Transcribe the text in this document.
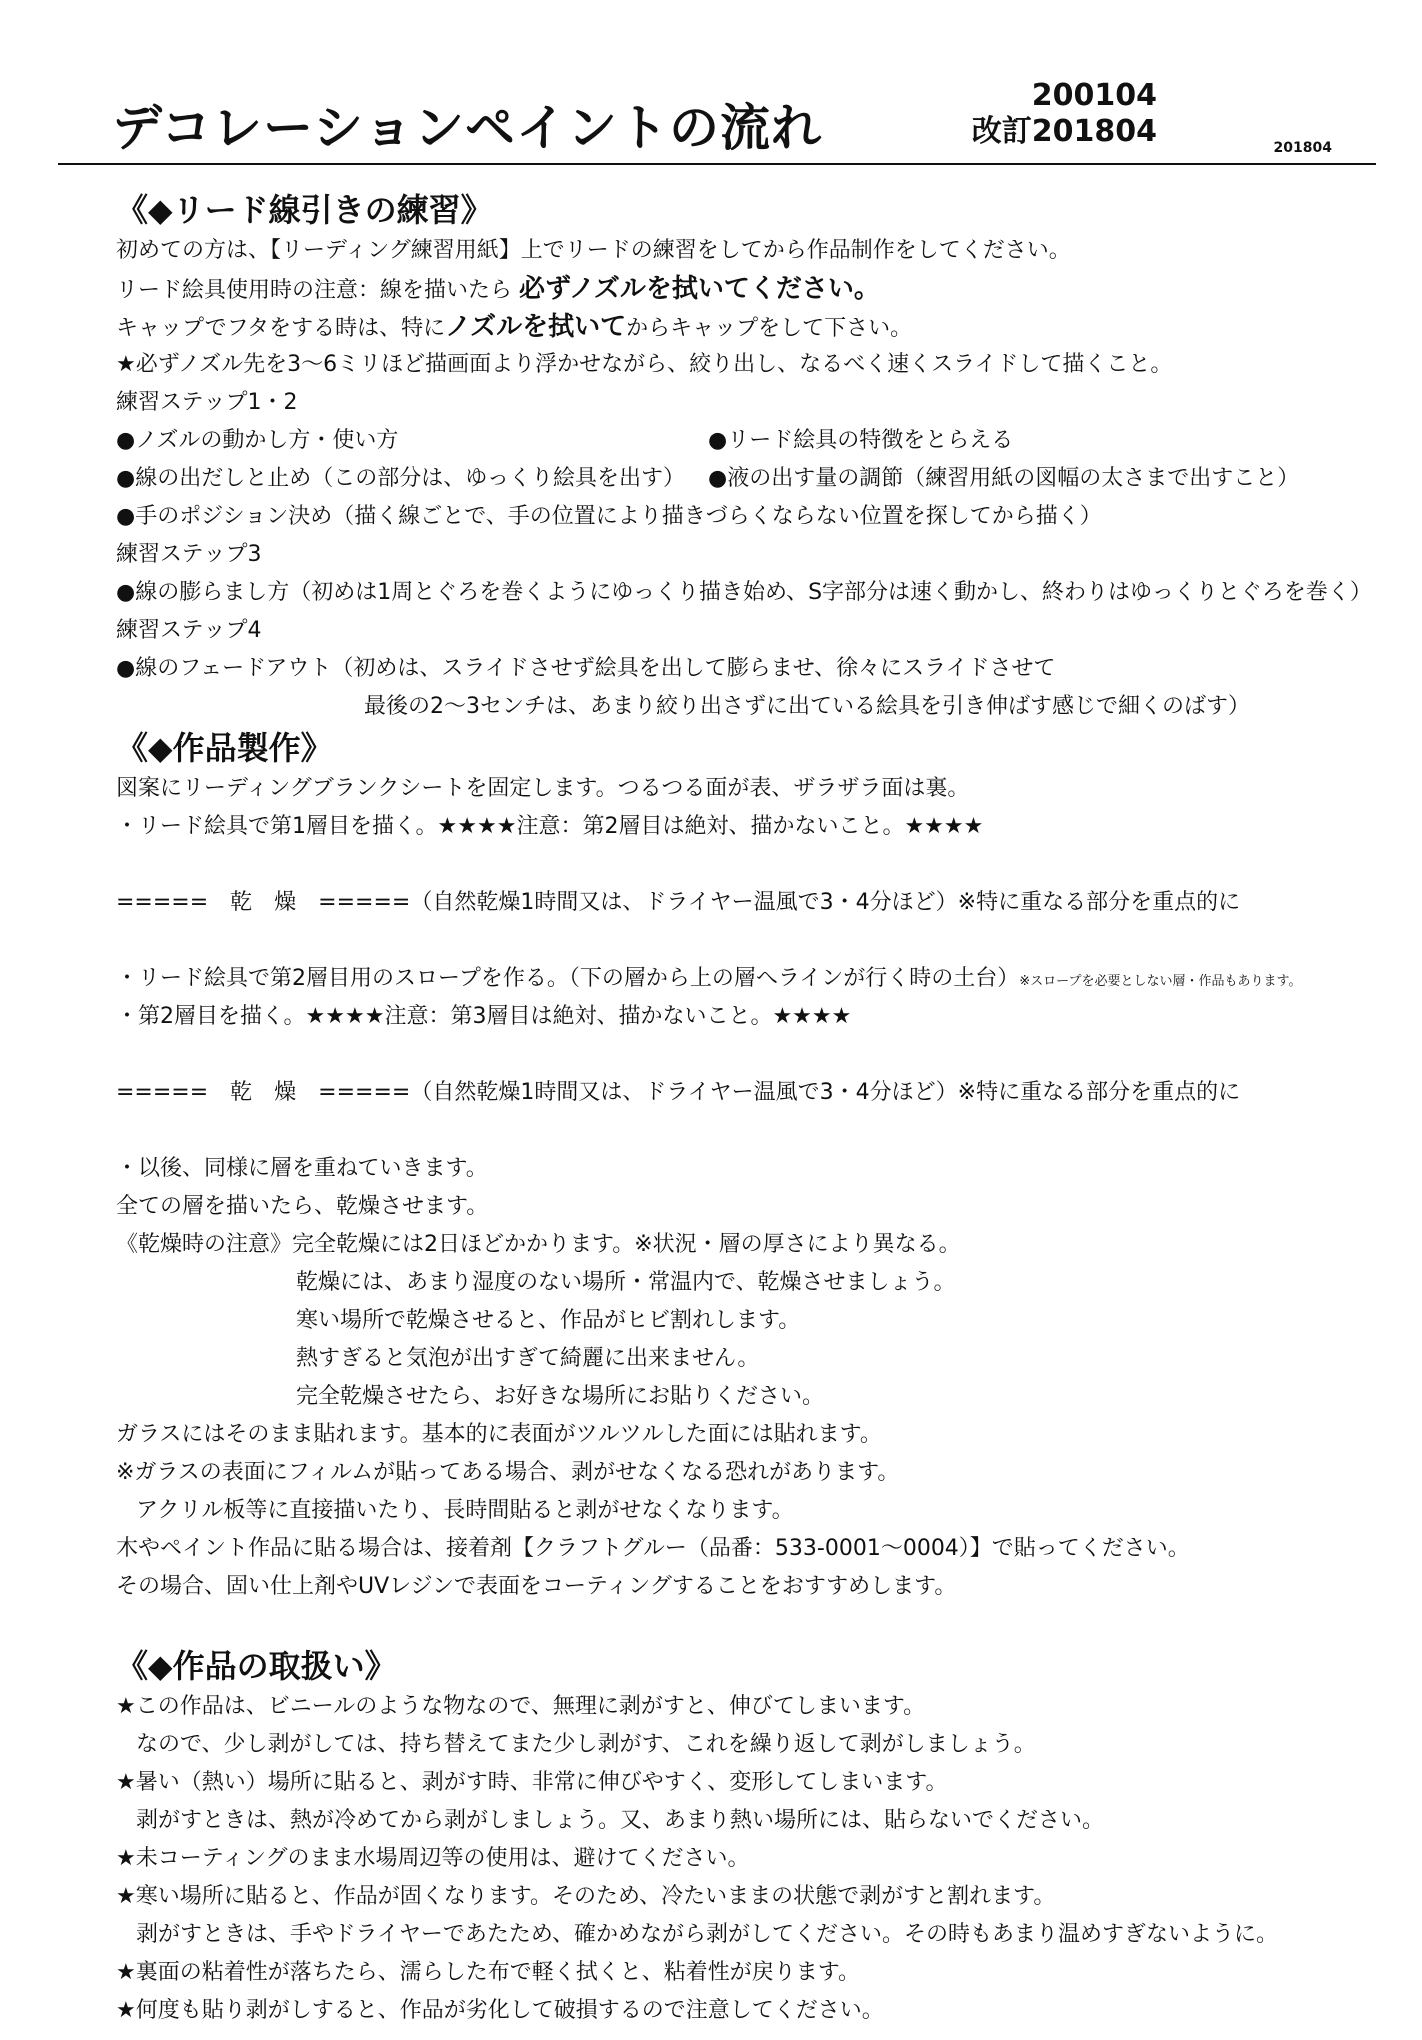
デコレーションペイントの流れ
200104
改訂201804	201804
《◆リード線引きの練習》
初めての方は、【リーディング練習用紙】上でリードの練習をしてから作品制作をしてください。
リード絵具使用時の注意：線を描いたら 必ずノズルを拭いてください。
キャップでフタをする時は、特にノズルを拭いてからキャップをして下さい。
★必ずノズル先を3〜6ミリほど描画面より浮かせながら、絞り出し、なるべく速くスライドして描くこと。
練習ステップ1・2
●ノズルの動かし方・使い方	●リード絵具の特徴をとらえる
●線の出だしと止め（この部分は、ゆっくり絵具を出す） ●液の出す量の調節（練習用紙の図幅の太さまで出すこと）
●手のポジション決め（描く線ごとで、手の位置により描きづらくならない位置を探してから描く）
練習ステップ3
●線の膨らまし方（初めは1周とぐろを巻くようにゆっくり描き始め、S字部分は速く動かし、終わりはゆっくりとぐろを巻く）
練習ステップ4
●線のフェードアウト（初めは、スライドさせず絵具を出して膨らませ、徐々にスライドさせて
最後の2〜3センチは、あまり絞り出さずに出ている絵具を引き伸ばす感じで細くのばす）
《◆作品製作》
図案にリーディングブランクシートを固定します。つるつる面が表、ザラザラ面は裏。
・リード絵具で第1層目を描く。★★★★注意：第2層目は絶対、描かないこと。★★★★
=====　乾　燥　=====（自然乾燥1時間又は、ドライヤー温風で3・4分ほど）※特に重なる部分を重点的に
・リード絵具で第2層目用のスロープを作る。（下の層から上の層へラインが行く時の土台）※スロープを必要としない層・作品もあります。
・第2層目を描く。★★★★注意：第3層目は絶対、描かないこと。★★★★
=====　乾　燥　=====（自然乾燥1時間又は、ドライヤー温風で3・4分ほど）※特に重なる部分を重点的に
・以後、同様に層を重ねていきます。
全ての層を描いたら、乾燥させます。
《乾燥時の注意》完全乾燥には2日ほどかかります。※状況・層の厚さにより異なる。
乾燥には、あまり湿度のない場所・常温内で、乾燥させましょう。
寒い場所で乾燥させると、作品がヒビ割れします。
熱すぎると気泡が出すぎて綺麗に出来ません。
完全乾燥させたら、お好きな場所にお貼りください。
ガラスにはそのまま貼れます。基本的に表面がツルツルした面には貼れます。
※ガラスの表面にフィルムが貼ってある場合、剥がせなくなる恐れがあります。
アクリル板等に直接描いたり、長時間貼ると剥がせなくなります。
木やペイント作品に貼る場合は、接着剤【クラフトグルー（品番：533-0001〜0004）】で貼ってください。
その場合、固い仕上剤やUVレジンで表面をコーティングすることをおすすめします。
《◆作品の取扱い》
★この作品は、ビニールのような物なので、無理に剥がすと、伸びてしまいます。
なので、少し剥がしては、持ち替えてまた少し剥がす、これを繰り返して剥がしましょう。
★暑い（熱い）場所に貼ると、剥がす時、非常に伸びやすく、変形してしまいます。
剥がすときは、熱が冷めてから剥がしましょう。又、あまり熱い場所には、貼らないでください。
★未コーティングのまま水場周辺等の使用は、避けてください。
★寒い場所に貼ると、作品が固くなります。そのため、冷たいままの状態で剥がすと割れます。
剥がすときは、手やドライヤーであたため、確かめながら剥がしてください。その時もあまり温めすぎないように。
★裏面の粘着性が落ちたら、濡らした布で軽く拭くと、粘着性が戻ります。
★何度も貼り剥がしすると、作品が劣化して破損するので注意してください。
